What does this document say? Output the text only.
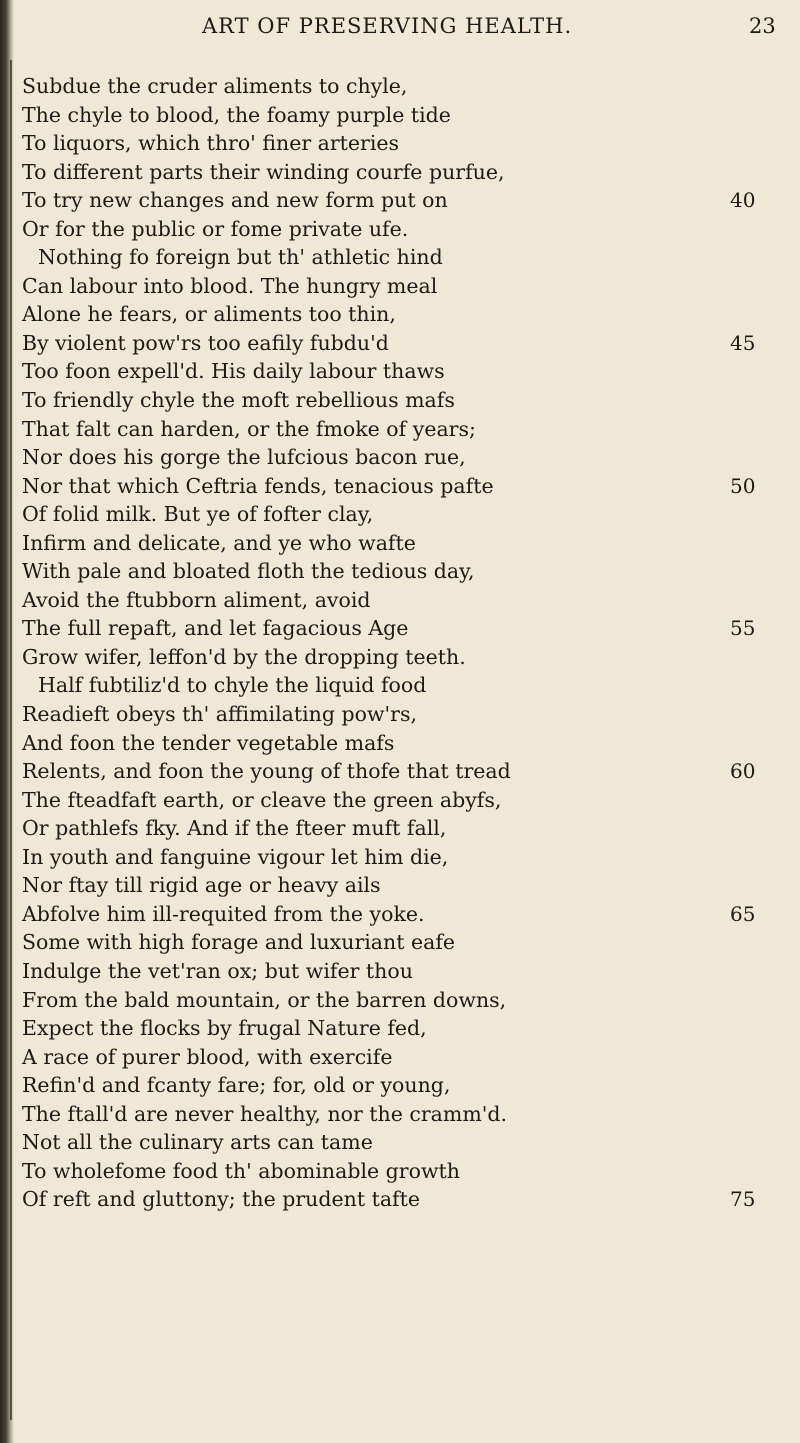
ART OF PRESERVING HEALTH.	23
Subdue the cruder aliments to chyle,
The chyle to blood, the foamy purple tide
To liquors, which thro' finer arteries
To different parts their winding courfe purfue,
To try new changes and new form put on
Or for the public or fome private ufe.
Nothing fo foreign but th' athletic hind
Can labour into blood. The hungry meal
Alone he fears, or aliments too thin,
By violent pow'rs too eafily fubdu'd
Too foon expell'd. His daily labour thaws
To friendly chyle the moft rebellious mafs
That falt can harden, or the fmoke of years;
Nor does his gorge the lufcious bacon rue,
Nor that which Ceftria fends, tenacious pafte
Of folid milk. But ye of fofter clay,
Infirm and delicate, and ye who wafte
With pale and bloated floth the tedious day,
Avoid the ftubborn aliment, avoid
The full repaft, and let fagacious Age
Grow wifer, leffon'd by the dropping teeth.
Half fubtiliz'd to chyle the liquid food
Readieft obeys th' affimilating pow'rs,
And foon the tender vegetable mafs
Relents, and foon the young of thofe that tread
The fteadfaft earth, or cleave the green abyfs,
Or pathlefs fky. And if the fteer muft fall,
In youth and fanguine vigour let him die,
Nor ftay till rigid age or heavy ails
Abfolve him ill-requited from the yoke.
Some with high forage and luxuriant eafe
Indulge the vet'ran ox; but wifer thou
From the bald mountain, or the barren downs,
Expect the flocks by frugal Nature fed,
A race of purer blood, with exercife
Refin'd and fcanty fare; for, old or young,
The ftall'd are never healthy, nor the cramm'd.
Not all the culinary arts can tame
To wholefome food th' abominable growth
Of reft and gluttony; the prudent tafte
40
45
50
55
60
65
75
